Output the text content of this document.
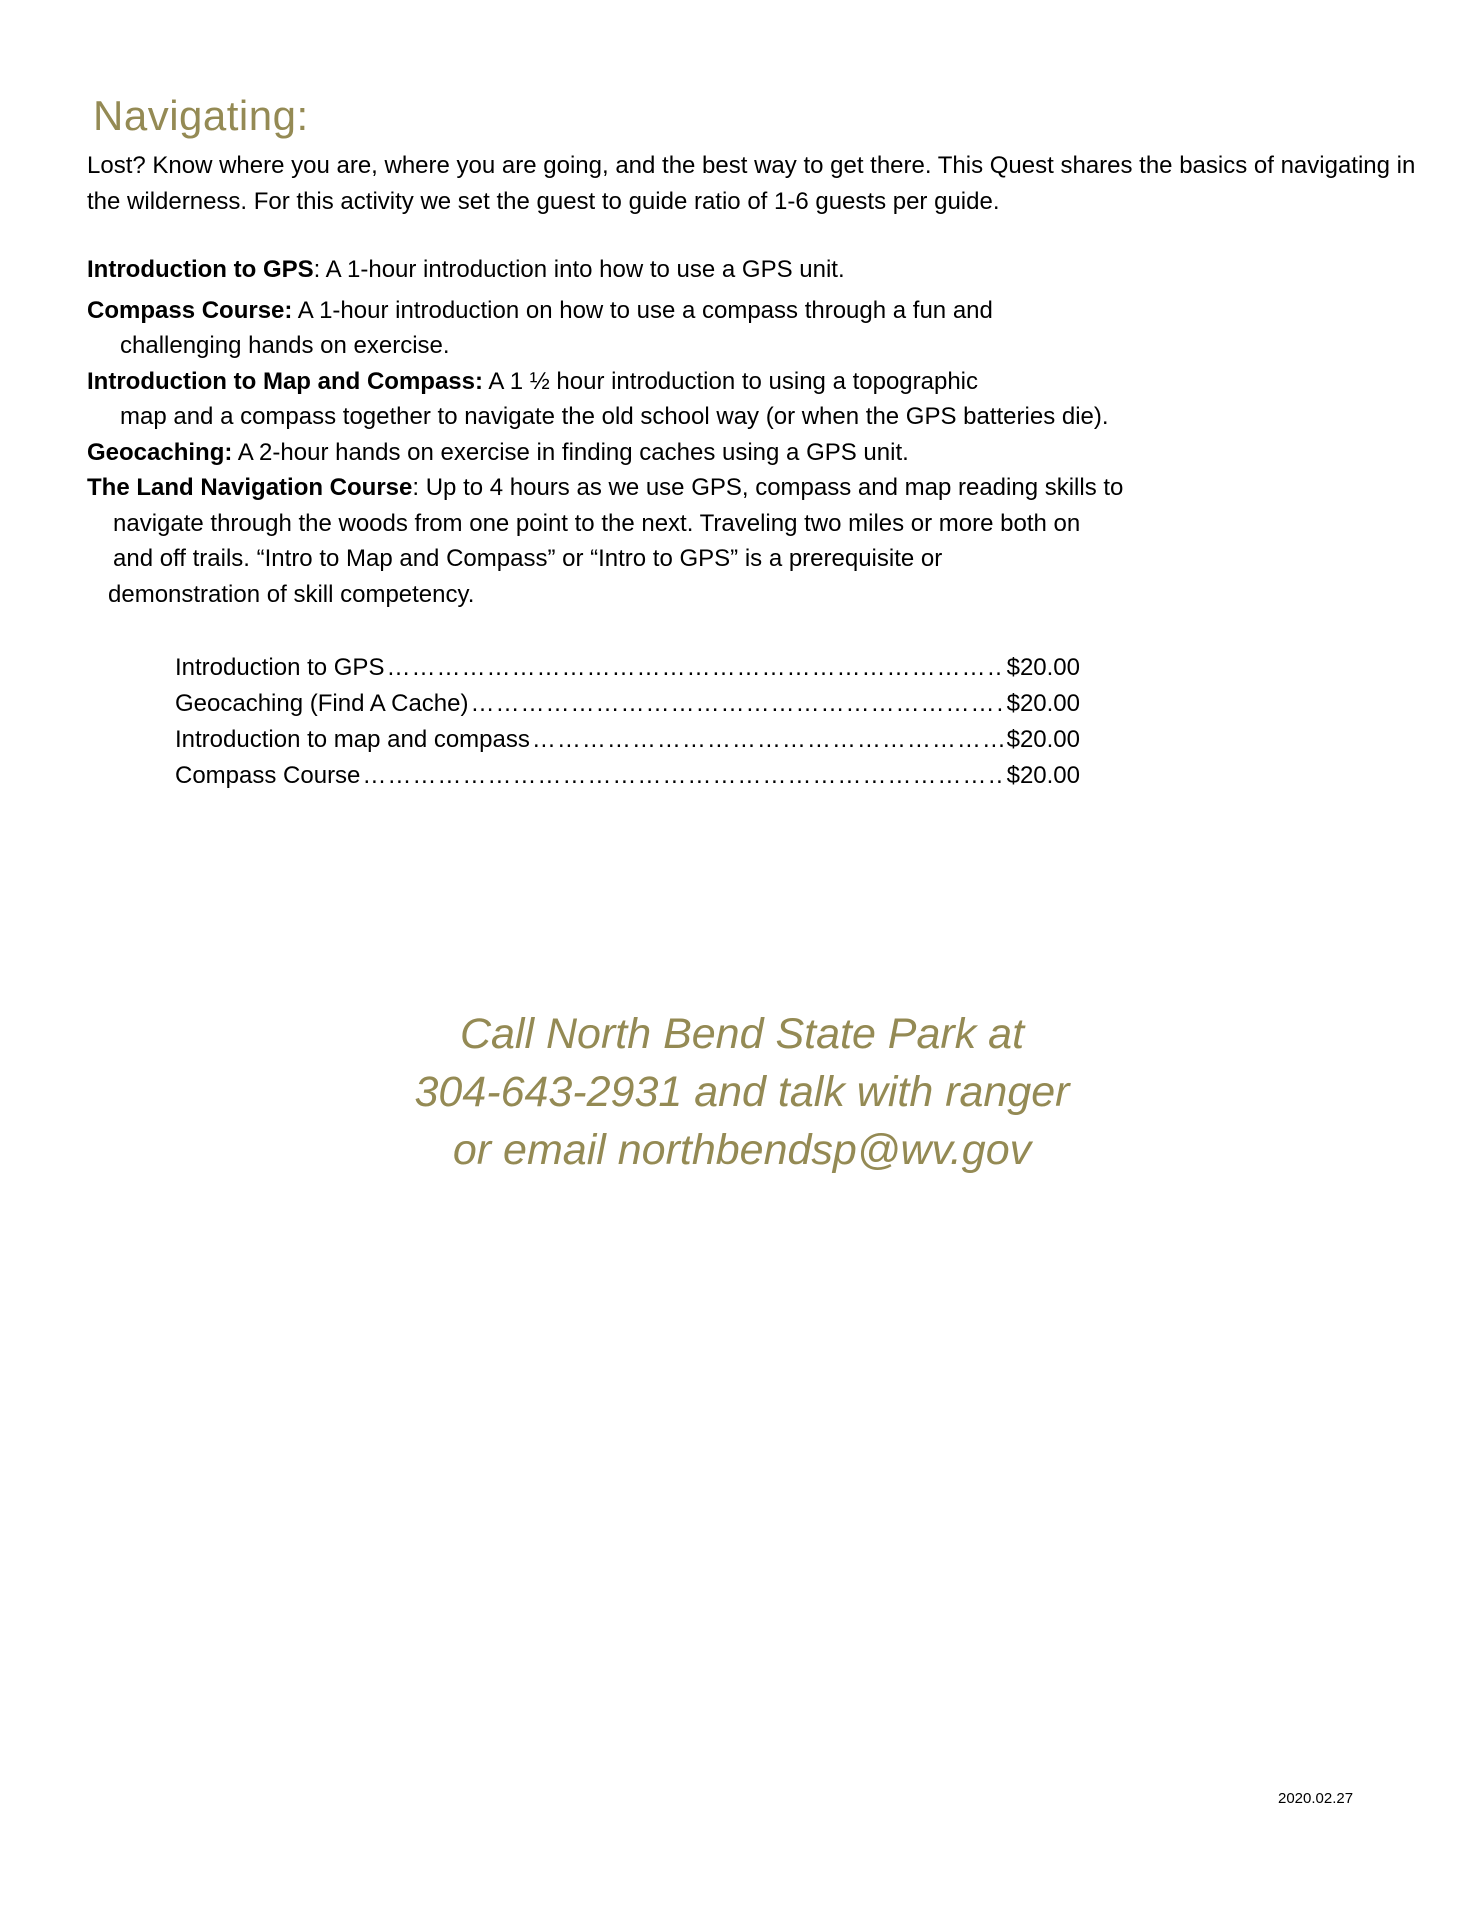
Navigating:
Lost? Know where you are, where you are going, and the best way to get there. This Quest shares the basics of navigating in the wilderness. For this activity we set the guest to guide ratio of 1-6 guests per guide.

Introduction to GPS: A 1-hour introduction into how to use a GPS unit.

Compass Course: A 1-hour introduction on how to use a compass through a fun and
challenging hands on exercise.

Introduction to Map and Compass: A 1 ½ hour introduction to using a topographic
map and a compass together to navigate the old school way (or when the GPS batteries die).

Geocaching: A 2-hour hands on exercise in finding caches using a GPS unit.

The Land Navigation Course: Up to 4 hours as we use GPS, compass and map reading skills to
navigate through the woods from one point to the next. Traveling two miles or more both on
and off trails. “Intro to Map and Compass” or “Intro to GPS” is a prerequisite or
demonstration of skill competency.

Introduction to GPS ……………………………………………………………………………………………………………………………………………………	$20.00
Geocaching (Find A Cache) ……………………………………………………………………………………………………………………………………………………	$20.00
Introduction to map and compass ……………………………………………………………………………………………………………………………………………………	$20.00
Compass Course ……………………………………………………………………………………………………………………………………………………	$20.00
Call North Bend State Park at
304-643-2931 and talk with ranger
or email northbendsp@wv.gov
2020.02.27
